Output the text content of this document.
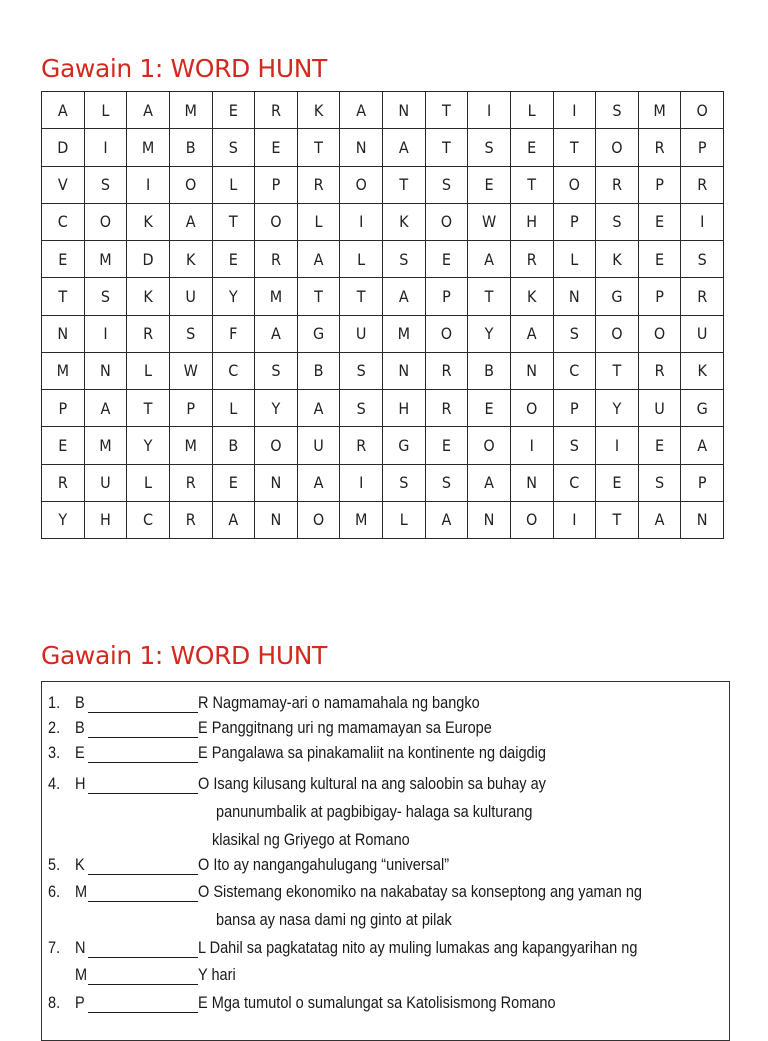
Gawain 1: WORD HUNT
A	L	A	M	E	R	K	A	N	T	I	L	I	S	M	O
D	I	M	B	S	E	T	N	A	T	S	E	T	O	R	P
V	S	I	O	L	P	R	O	T	S	E	T	O	R	P	R
C	O	K	A	T	O	L	I	K	O	W	H	P	S	E	I
E	M	D	K	E	R	A	L	S	E	A	R	L	K	E	S
T	S	K	U	Y	M	T	T	A	P	T	K	N	G	P	R
N	I	R	S	F	A	G	U	M	O	Y	A	S	O	O	U
M	N	L	W	C	S	B	S	N	R	B	N	C	T	R	K
P	A	T	P	L	Y	A	S	H	R	E	O	P	Y	U	G
E	M	Y	M	B	O	U	R	G	E	O	I	S	I	E	A
R	U	L	R	E	N	A	I	S	S	A	N	C	E	S	P
Y	H	C	R	A	N	O	M	L	A	N	O	I	T	A	N
Gawain 1: WORD HUNT
1. B	R Nagmamay-ari o namamahala ng bangko
2. B	E Panggitnang uri ng mamamayan sa Europe
3. E	E Pangalawa sa pinakamaliit na kontinente ng daigdig
4. H	O Isang kilusang kultural na ang saloobin sa buhay ay
panunumbalik at pagbibigay- halaga sa kulturang
klasikal ng Griyego at Romano
5. K	O Ito ay nangangahulugang “universal”
6. M	O Sistemang ekonomiko na nakabatay sa konseptong ang yaman ng
bansa ay nasa dami ng ginto at pilak
7. N	L Dahil sa pagkatatag nito ay muling lumakas ang kapangyarihan ng
M	Y hari
8. P	E Mga tumutol o sumalungat sa Katolisismong Romano
